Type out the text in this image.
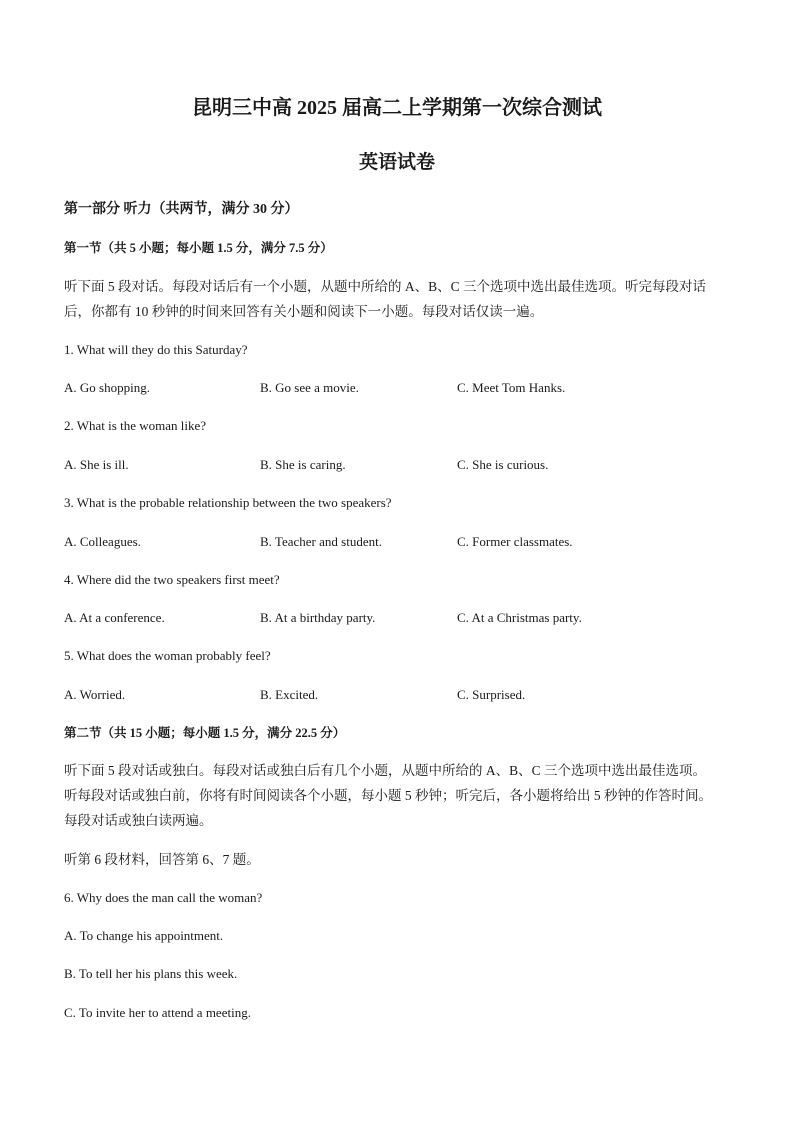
昆明三中高 2025 届高二上学期第一次综合测试
英语试卷
第一部分 听力（共两节，满分 30 分）
第一节（共 5 小题；每小题 1.5 分，满分 7.5 分）
听下面 5 段对话。每段对话后有一个小题，从题中所给的 A、B、C 三个选项中选出最佳选项。听完每段对话
后，你都有 10 秒钟的时间来回答有关小题和阅读下一小题。每段对话仅读一遍。
1. What will they do this Saturday?
A. Go shopping.	B. Go see a movie.	C. Meet Tom Hanks.
2. What is the woman like?
A. She is ill.	B. She is caring.	C. She is curious.
3. What is the probable relationship between the two speakers?
A. Colleagues.	B. Teacher and student.	C. Former classmates.
4. Where did the two speakers first meet?
A. At a conference.	B. At a birthday party.	C. At a Christmas party.
5. What does the woman probably feel?
A. Worried.	B. Excited.	C. Surprised.
第二节（共 15 小题；每小题 1.5 分，满分 22.5 分）
听下面 5 段对话或独白。每段对话或独白后有几个小题，从题中所给的 A、B、C 三个选项中选出最佳选项。
听每段对话或独白前，你将有时间阅读各个小题，每小题 5 秒钟；听完后，各小题将给出 5 秒钟的作答时间。
每段对话或独白读两遍。
听第 6 段材料，回答第 6、7 题。
6. Why does the man call the woman?
A. To change his appointment.
B. To tell her his plans this week.
C. To invite her to attend a meeting.
